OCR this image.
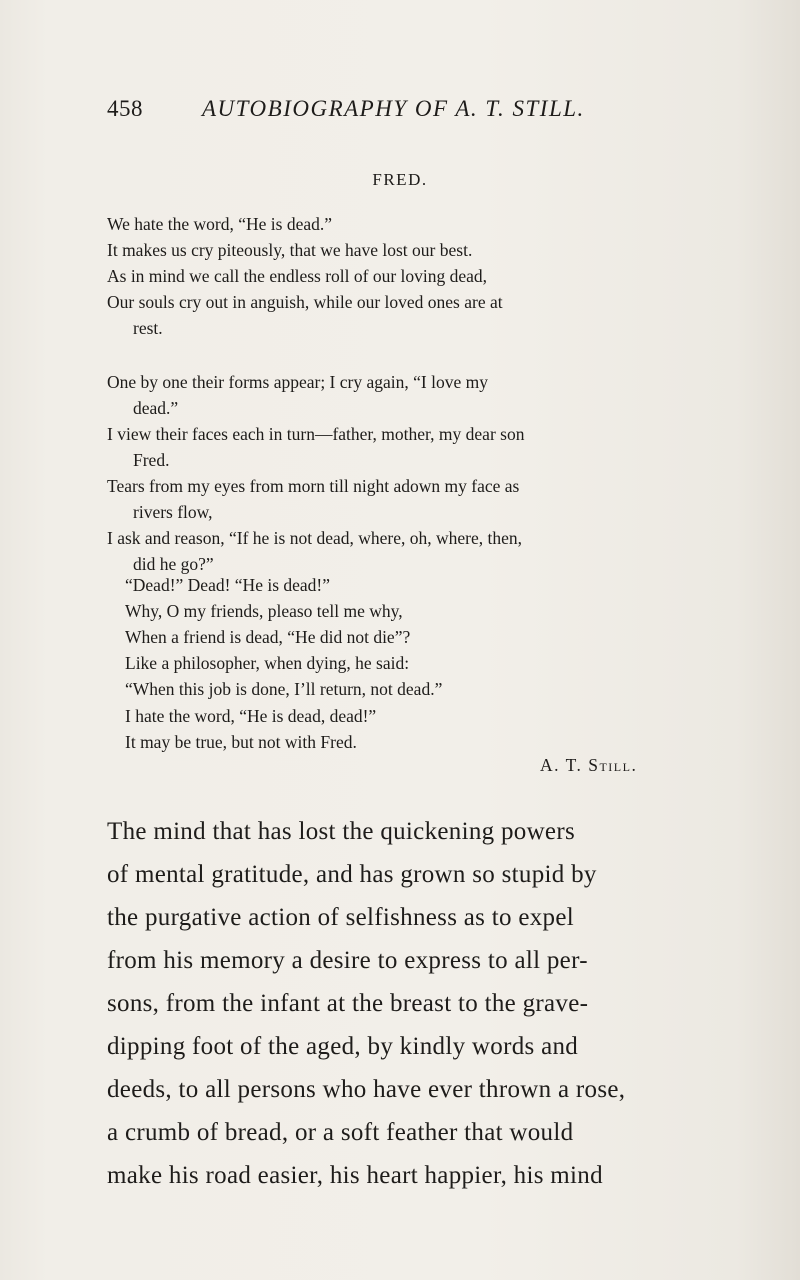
458	AUTOBIOGRAPHY OF A. T. STILL.
FRED.
We hate the word, “He is dead.”
It makes us cry piteously, that we have lost our best.
As in mind we call the endless roll of our loving dead,
Our souls cry out in anguish, while our loved ones are at
rest.
One by one their forms appear; I cry again, “I love my
dead.”
I view their faces each in turn—father, mother, my dear son
Fred.
Tears from my eyes from morn till night adown my face as
rivers flow,
I ask and reason, “If he is not dead, where, oh, where, then,
did he go?”
“Dead!” Dead! “He is dead!”
Why, O my friends, pleaso tell me why,
When a friend is dead, “He did not die”?
Like a philosopher, when dying, he said:
“When this job is done, I’ll return, not dead.”
I hate the word, “He is dead, dead!”
It may be true, but not with Fred.
A. T. Still.
The mind that has lost the quickening powers
of mental gratitude, and has grown so stupid by
the purgative action of selfishness as to expel
from his memory a desire to express to all per-
sons, from the infant at the breast to the grave-
dipping foot of the aged, by kindly words and
deeds, to all persons who have ever thrown a rose,
a crumb of bread, or a soft feather that would
make his road easier, his heart happier, his mind
